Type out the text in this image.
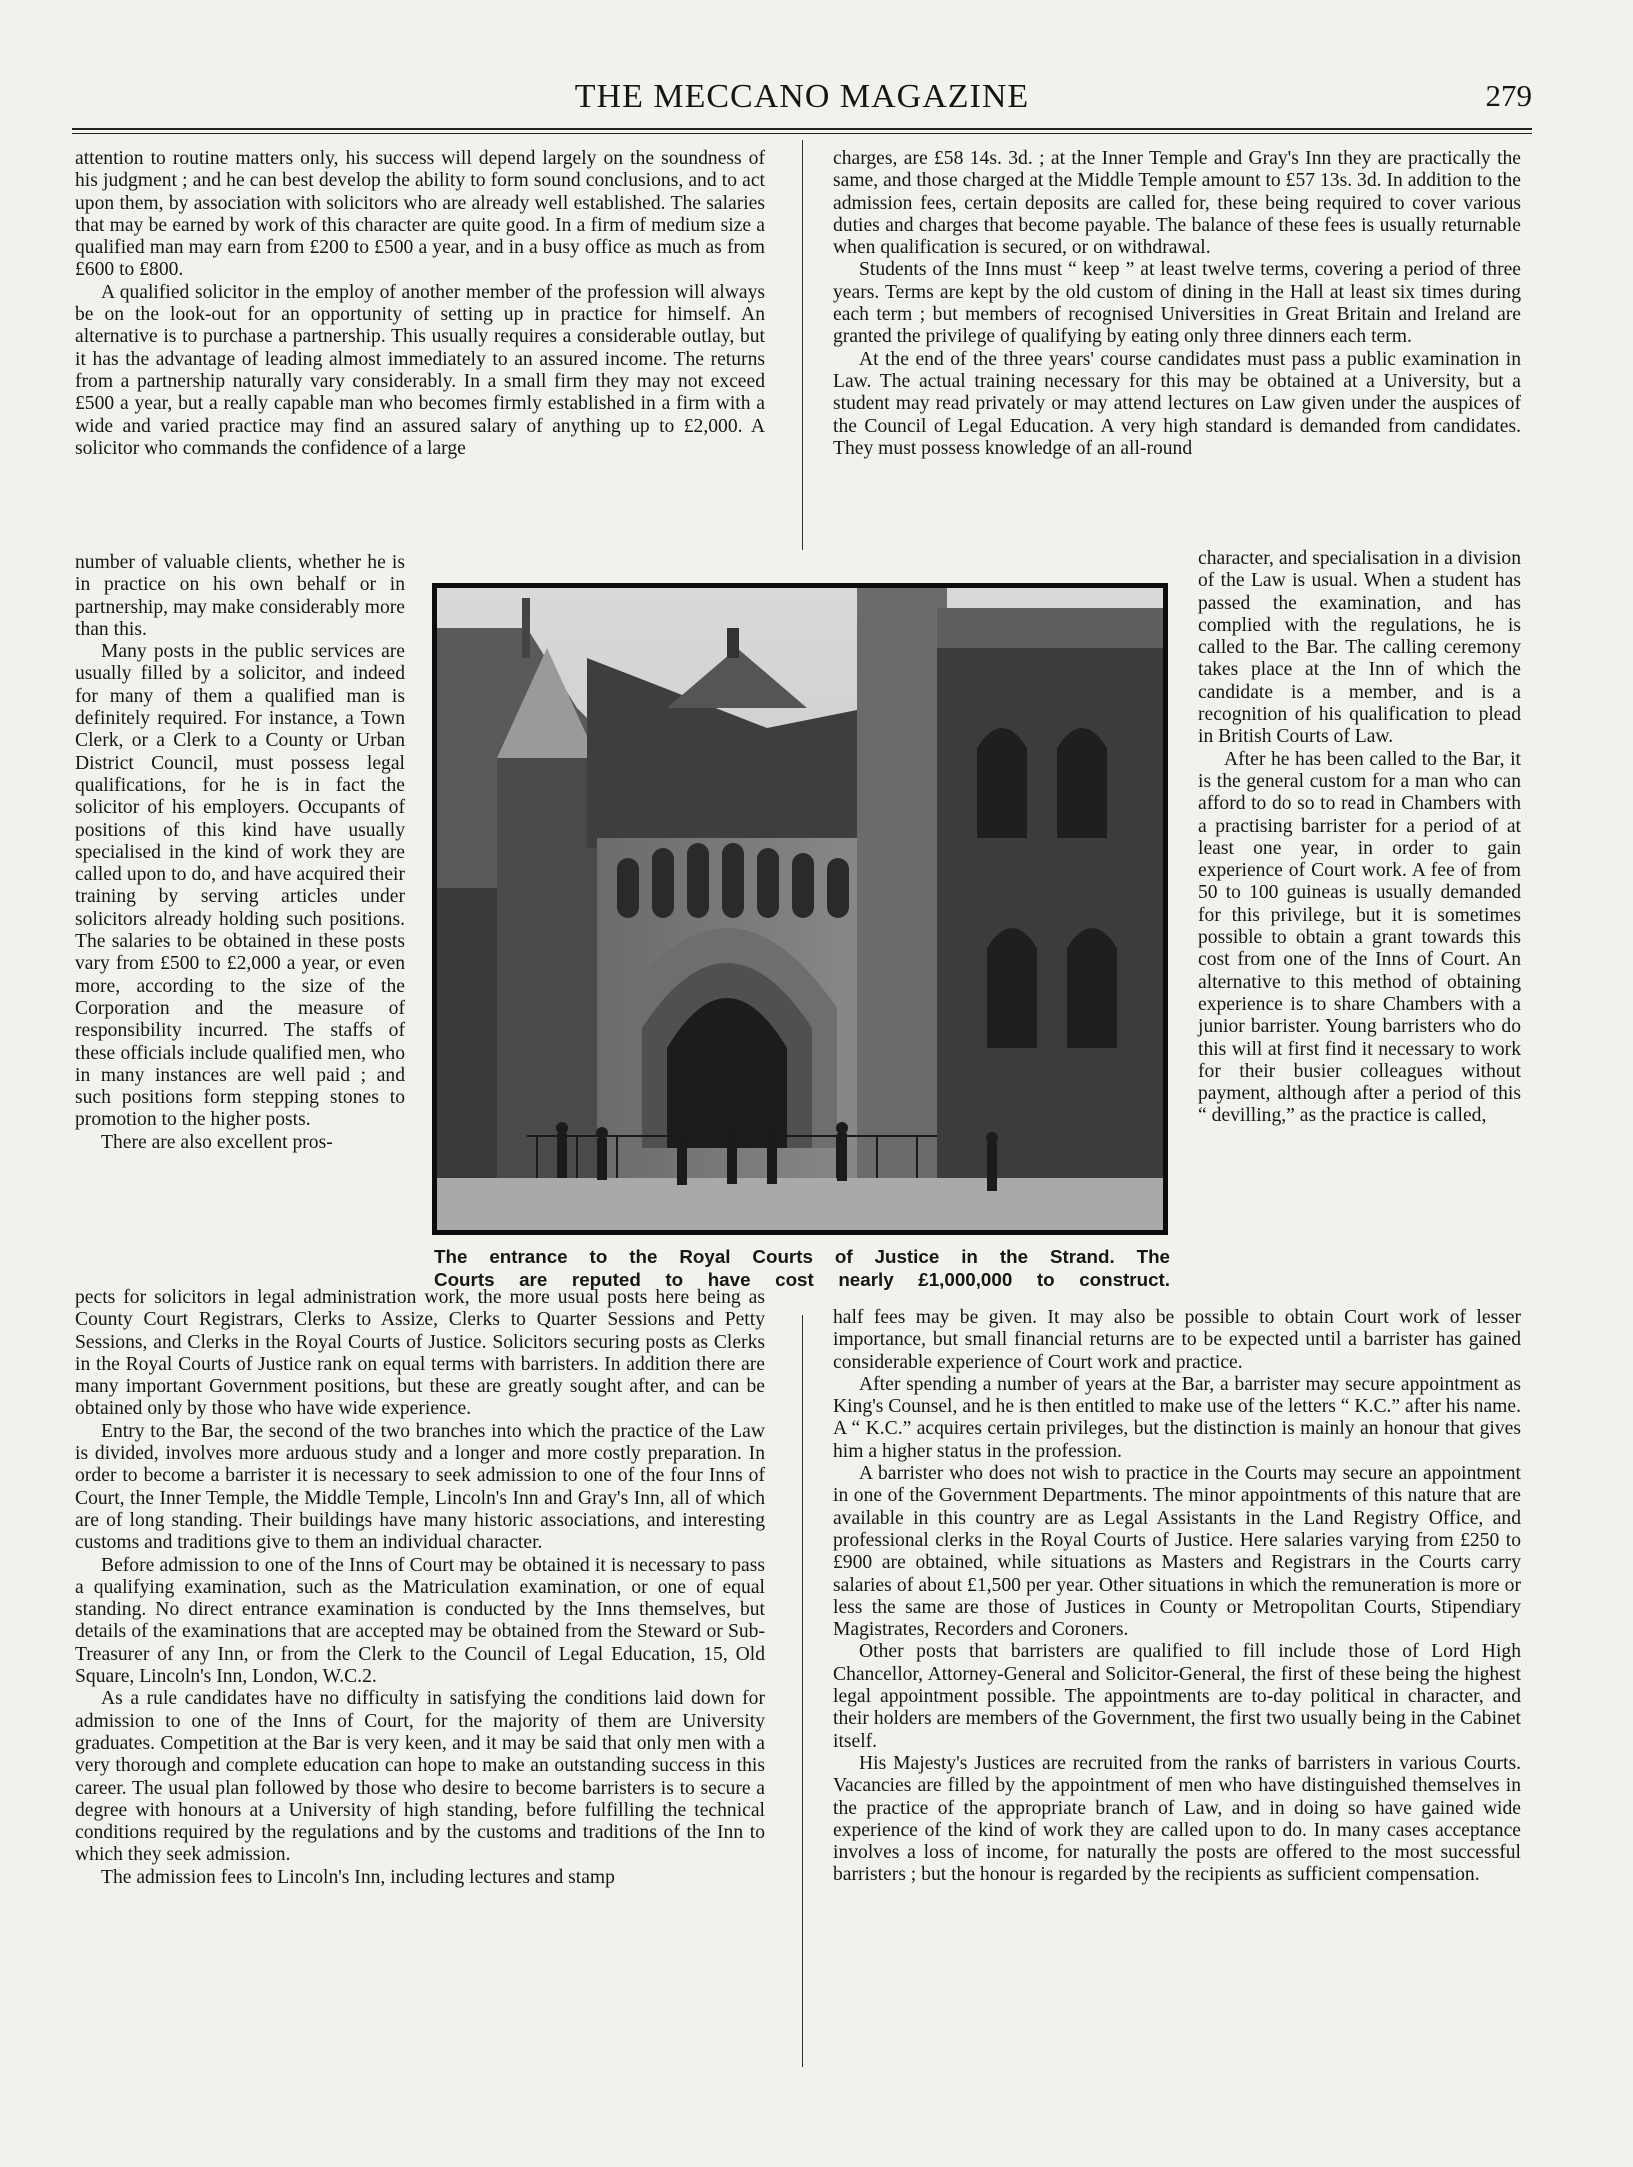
THE MECCANO MAGAZINE	279

attention to routine matters only, his success will depend largely on the soundness of his judgment ; and he can best develop the ability to form sound conclusions, and to act upon them, by association with solicitors who are already well established. The salaries that may be earned by work of this character are quite good. In a firm of medium size a qualified man may earn from £200 to £500 a year, and in a busy office as much as from £600 to £800.

A qualified solicitor in the employ of another member of the profession will always be on the look-out for an opportunity of setting up in practice for himself. An alternative is to purchase a partnership. This usually requires a considerable outlay, but it has the advantage of leading almost immediately to an assured income. The returns from a partnership naturally vary considerably. In a small firm they may not exceed £500 a year, but a really capable man who becomes firmly established in a firm with a wide and varied practice may find an assured salary of anything up to £2,000. A solicitor who commands the confidence of a large

number of valuable clients, whether he is in practice on his own behalf or in partnership, may make considerably more than this.

Many posts in the public services are usually filled by a solicitor, and indeed for many of them a qualified man is definitely required. For instance, a Town Clerk, or a Clerk to a County or Urban District Council, must possess legal qualifications, for he is in fact the solicitor of his employers. Occupants of positions of this kind have usually specialised in the kind of work they are called upon to do, and have acquired their training by serving articles under solicitors already holding such positions. The salaries to be obtained in these posts vary from £500 to £2,000 a year, or even more, according to the size of the Corporation and the measure of responsibility incurred. The staffs of these officials include qualified men, who in many instances are well paid ; and such positions form stepping stones to promotion to the higher posts.

There are also excellent pros-

pects for solicitors in legal administration work, the more usual posts here being as County Court Registrars, Clerks to Assize, Clerks to Quarter Sessions and Petty Sessions, and Clerks in the Royal Courts of Justice. Solicitors securing posts as Clerks in the Royal Courts of Justice rank on equal terms with barristers. In addition there are many important Government positions, but these are greatly sought after, and can be obtained only by those who have wide experience.

Entry to the Bar, the second of the two branches into which the practice of the Law is divided, involves more arduous study and a longer and more costly preparation. In order to become a barrister it is necessary to seek admission to one of the four Inns of Court, the Inner Temple, the Middle Temple, Lincoln's Inn and Gray's Inn, all of which are of long standing. Their buildings have many historic associations, and interesting customs and traditions give to them an individual character.

Before admission to one of the Inns of Court may be obtained it is necessary to pass a qualifying examination, such as the Matriculation examination, or one of equal standing. No direct entrance examination is conducted by the Inns themselves, but details of the examinations that are accepted may be obtained from the Steward or Sub-Treasurer of any Inn, or from the Clerk to the Council of Legal Education, 15, Old Square, Lincoln's Inn, London, W.C.2.

As a rule candidates have no difficulty in satisfying the conditions laid down for admission to one of the Inns of Court, for the majority of them are University graduates. Competition at the Bar is very keen, and it may be said that only men with a very thorough and complete education can hope to make an outstanding success in this career. The usual plan followed by those who desire to become barristers is to secure a degree with honours at a University of high standing, before fulfilling the technical conditions required by the regulations and by the customs and traditions of the Inn to which they seek admission.

The admission fees to Lincoln's Inn, including lectures and stamp

charges, are £58 14s. 3d. ; at the Inner Temple and Gray's Inn they are practically the same, and those charged at the Middle Temple amount to £57 13s. 3d. In addition to the admission fees, certain deposits are called for, these being required to cover various duties and charges that become payable. The balance of these fees is usually returnable when qualification is secured, or on withdrawal.

Students of the Inns must “ keep ” at least twelve terms, covering a period of three years. Terms are kept by the old custom of dining in the Hall at least six times during each term ; but members of recognised Universities in Great Britain and Ireland are granted the privilege of qualifying by eating only three dinners each term.

At the end of the three years' course candidates must pass a public examination in Law. The actual training necessary for this may be obtained at a University, but a student may read privately or may attend lectures on Law given under the auspices of the Council of Legal Education. A very high standard is demanded from candidates. They must possess knowledge of an all-round

character, and specialisation in a division of the Law is usual. When a student has passed the examination, and has complied with the regulations, he is called to the Bar. The calling ceremony takes place at the Inn of which the candidate is a member, and is a recognition of his qualification to plead in British Courts of Law.

After he has been called to the Bar, it is the general custom for a man who can afford to do so to read in Chambers with a practising barrister for a period of at least one year, in order to gain experience of Court work. A fee of from 50 to 100 guineas is usually demanded for this privilege, but it is sometimes possible to obtain a grant towards this cost from one of the Inns of Court. An alternative to this method of obtaining experience is to share Chambers with a junior barrister. Young barristers who do this will at first find it necessary to work for their busier colleagues without payment, although after a period of this “ devilling,” as the practice is called,

half fees may be given. It may also be possible to obtain Court work of lesser importance, but small financial returns are to be expected until a barrister has gained considerable experience of Court work and practice.

After spending a number of years at the Bar, a barrister may secure appointment as King's Counsel, and he is then entitled to make use of the letters “ K.C.” after his name. A “ K.C.” acquires certain privileges, but the distinction is mainly an honour that gives him a higher status in the profession.

A barrister who does not wish to practice in the Courts may secure an appointment in one of the Government Departments. The minor appointments of this nature that are available in this country are as Legal Assistants in the Land Registry Office, and professional clerks in the Royal Courts of Justice. Here salaries varying from £250 to £900 are obtained, while situations as Masters and Registrars in the Courts carry salaries of about £1,500 per year. Other situations in which the remuneration is more or less the same are those of Justices in County or Metropolitan Courts, Stipendiary Magistrates, Recorders and Coroners.

Other posts that barristers are qualified to fill include those of Lord High Chancellor, Attorney-General and Solicitor-General, the first of these being the highest legal appointment possible. The appointments are to-day political in character, and their holders are members of the Government, the first two usually being in the Cabinet itself.

His Majesty's Justices are recruited from the ranks of barristers in various Courts. Vacancies are filled by the appointment of men who have distinguished themselves in the practice of the appropriate branch of Law, and in doing so have gained wide experience of the kind of work they are called upon to do. In many cases acceptance involves a loss of income, for naturally the posts are offered to the most successful barristers ; but the honour is regarded by the recipients as sufficient compensation.

The entrance to the Royal Courts of Justice in the Strand. The
Courts are reputed to have cost nearly £1,000,000 to construct.
